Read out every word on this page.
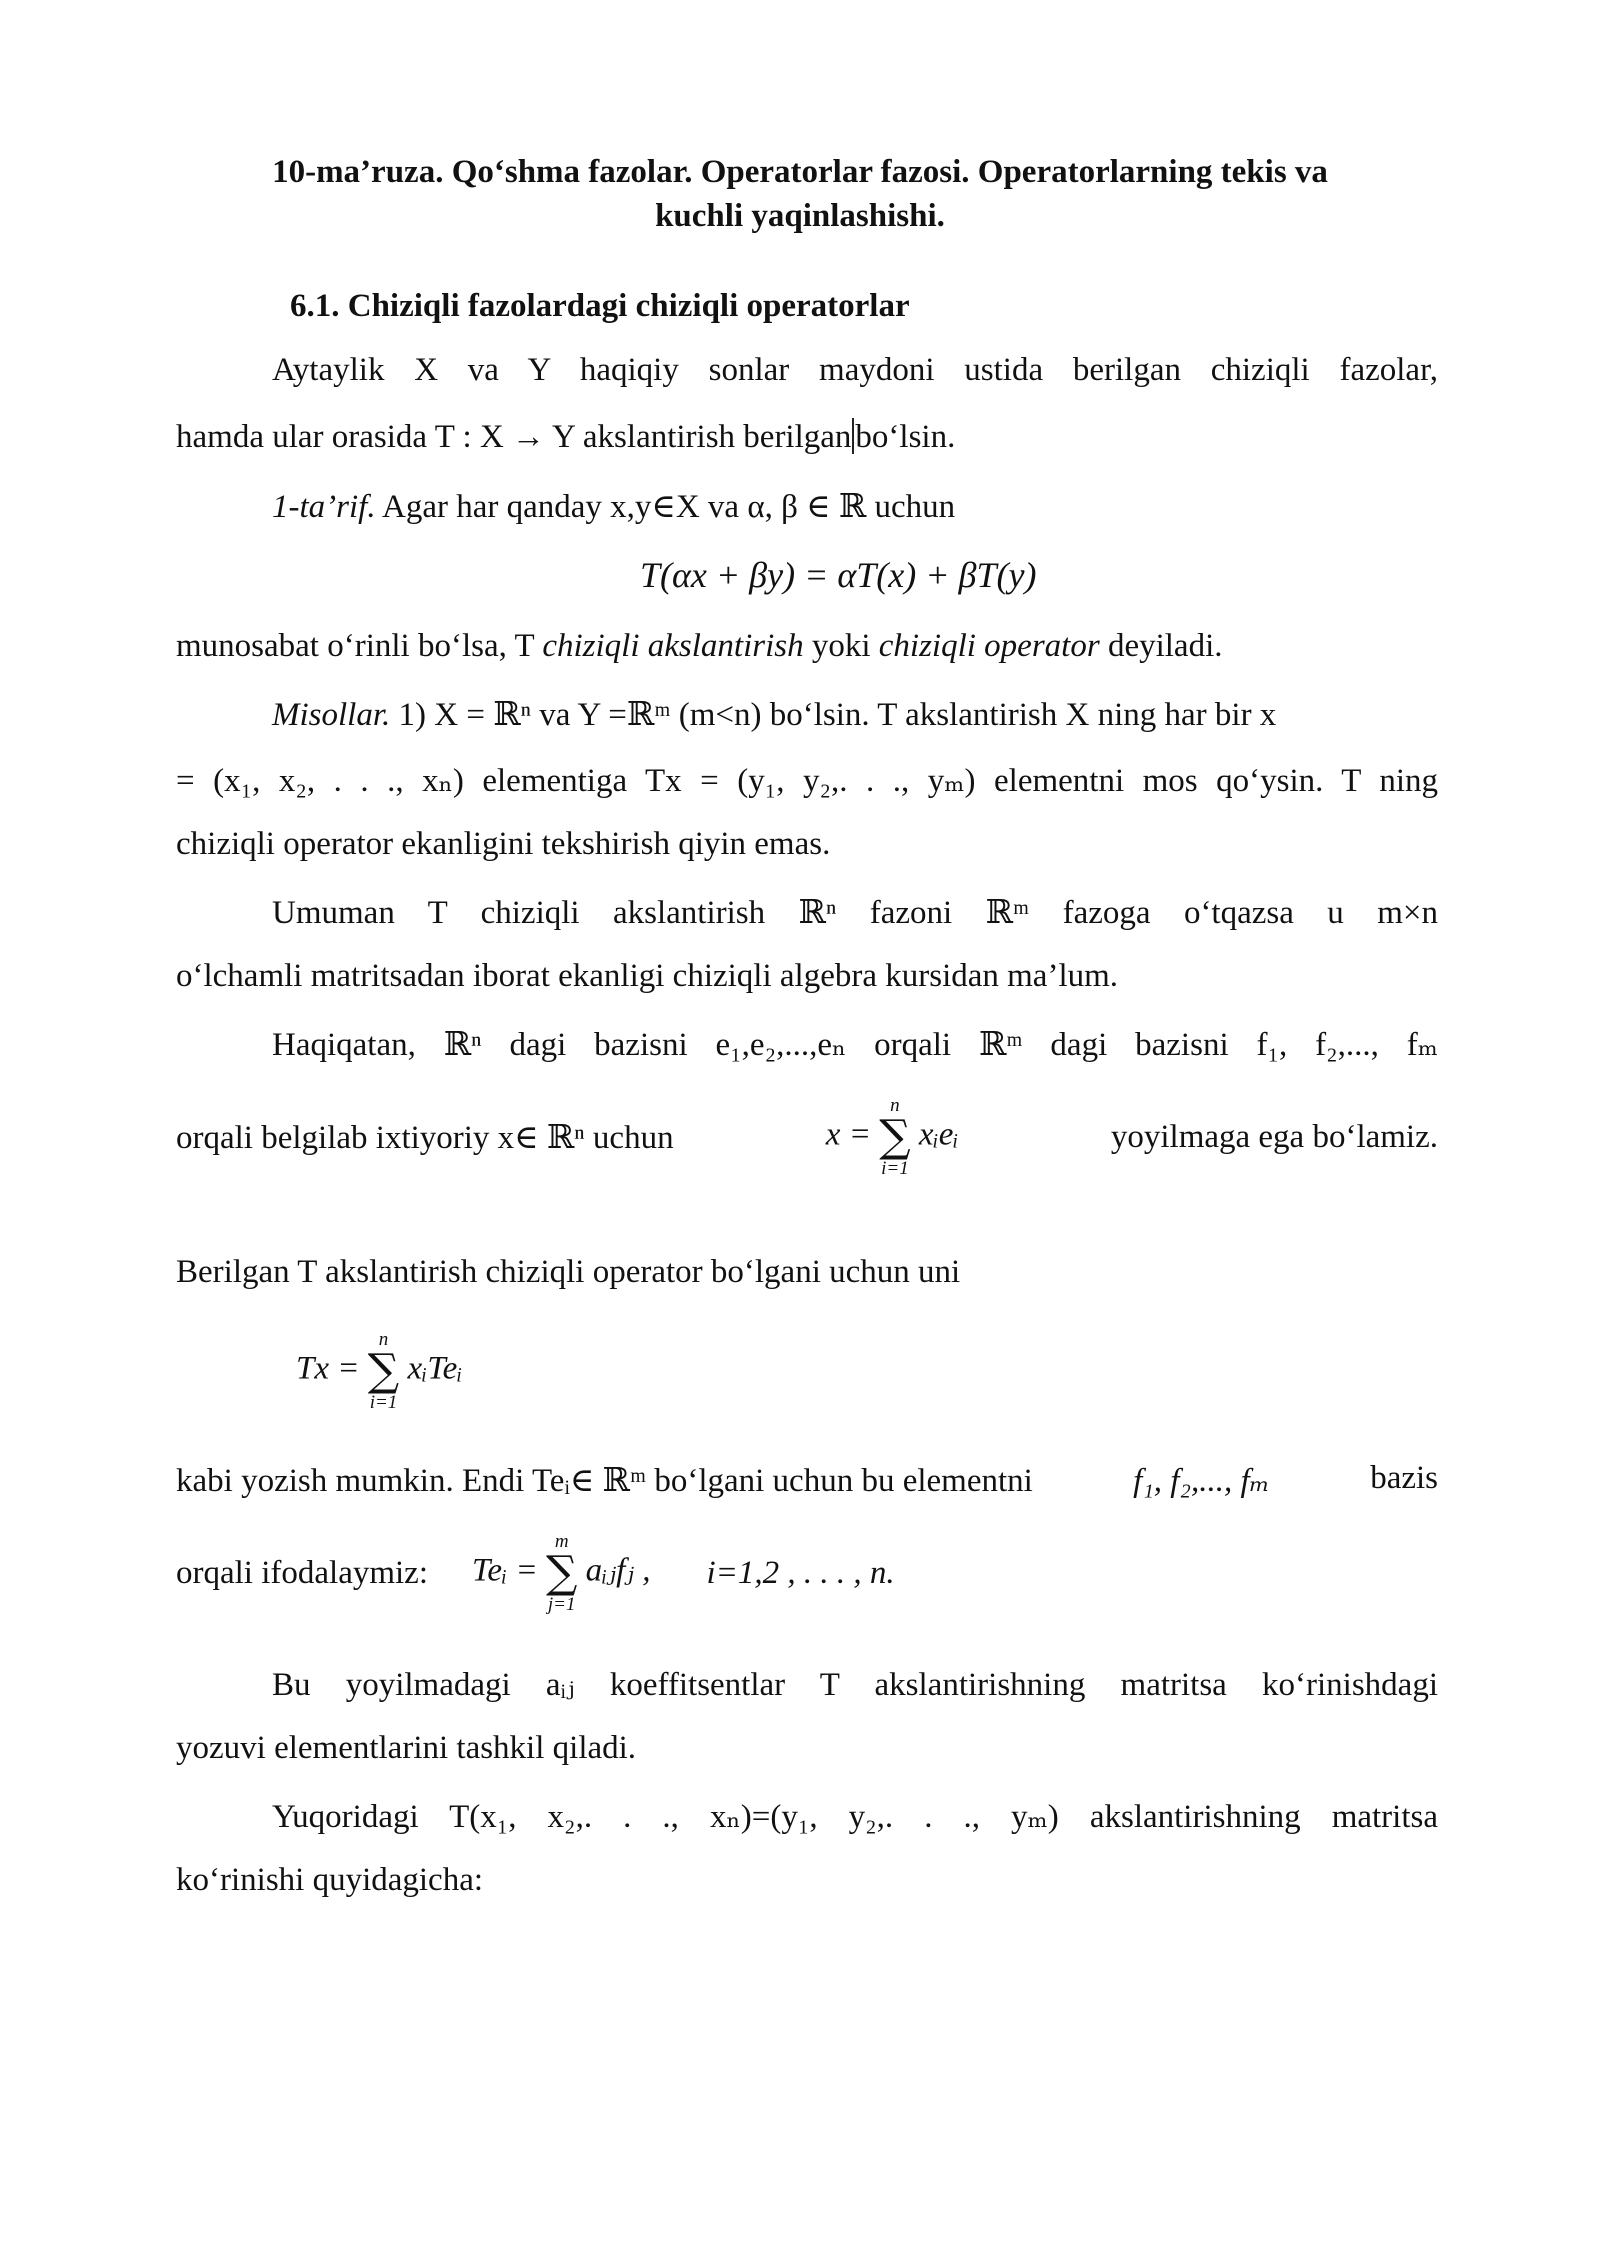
10-ma’ruza. Qo‘shma fazolar. Operatorlar fazosi. Operatorlarning tekis va
kuchli yaqinlashishi.
6.1. Chiziqli fazolardagi chiziqli operatorlar
Aytaylik X va Y haqiqiy sonlar maydoni ustida berilgan chiziqli fazolar,
hamda ular orasida T : X → Y akslantirish berilgan bo‘lsin.
1-ta’rif. Agar har qanday x,y∈X va α, β ∈ ℝ uchun
T(αx + βy) = αT(x) + βT(y)
munosabat o‘rinli bo‘lsa, T chiziqli akslantirish yoki chiziqli operator deyiladi.
Misollar. 1) X = ℝⁿ va Y =ℝᵐ (m<n) bo‘lsin. T akslantirish X ning har bir x
= (x₁, x₂, . . ., xₙ) elementiga Tx = (y₁, y₂,. . ., yₘ) elementni mos qo‘ysin. T ning
chiziqli operator ekanligini tekshirish qiyin emas.
Umuman T chiziqli akslantirish ℝⁿ fazoni ℝᵐ fazoga o‘tqazsa u m×n
o‘lchamli matritsadan iborat ekanligi chiziqli algebra kursidan ma’lum.
Haqiqatan, ℝⁿ dagi bazisni e₁,e₂,...,eₙ orqali ℝᵐ dagi bazisni f₁, f₂,..., fₘ
orqali belgilab ixtiyoriy x∈ ℝⁿ uchun	x =
n
∑
i=1
xᵢeᵢ	yoyilmaga ega bo‘lamiz.
Berilgan T akslantirish chiziqli operator bo‘lgani uchun uni
Tx =
n
∑
i=1
xᵢTeᵢ
kabi yozish mumkin. Endi Teᵢ∈ ℝᵐ bo‘lgani uchun bu elementni	f₁, f₂,..., fₘ	bazis
orqali ifodalaymiz: Teᵢ =
m
∑
j=1
aᵢⱼfⱼ , i=1,2 , . . . , n.
Bu yoyilmadagi aᵢⱼ koeffitsentlar T akslantirishning matritsa ko‘rinishdagi
yozuvi elementlarini tashkil qiladi.
Yuqoridagi T(x₁, x₂,. . ., xₙ)=(y₁, y₂,. . ., yₘ) akslantirishning matritsa
ko‘rinishi quyidagicha:
